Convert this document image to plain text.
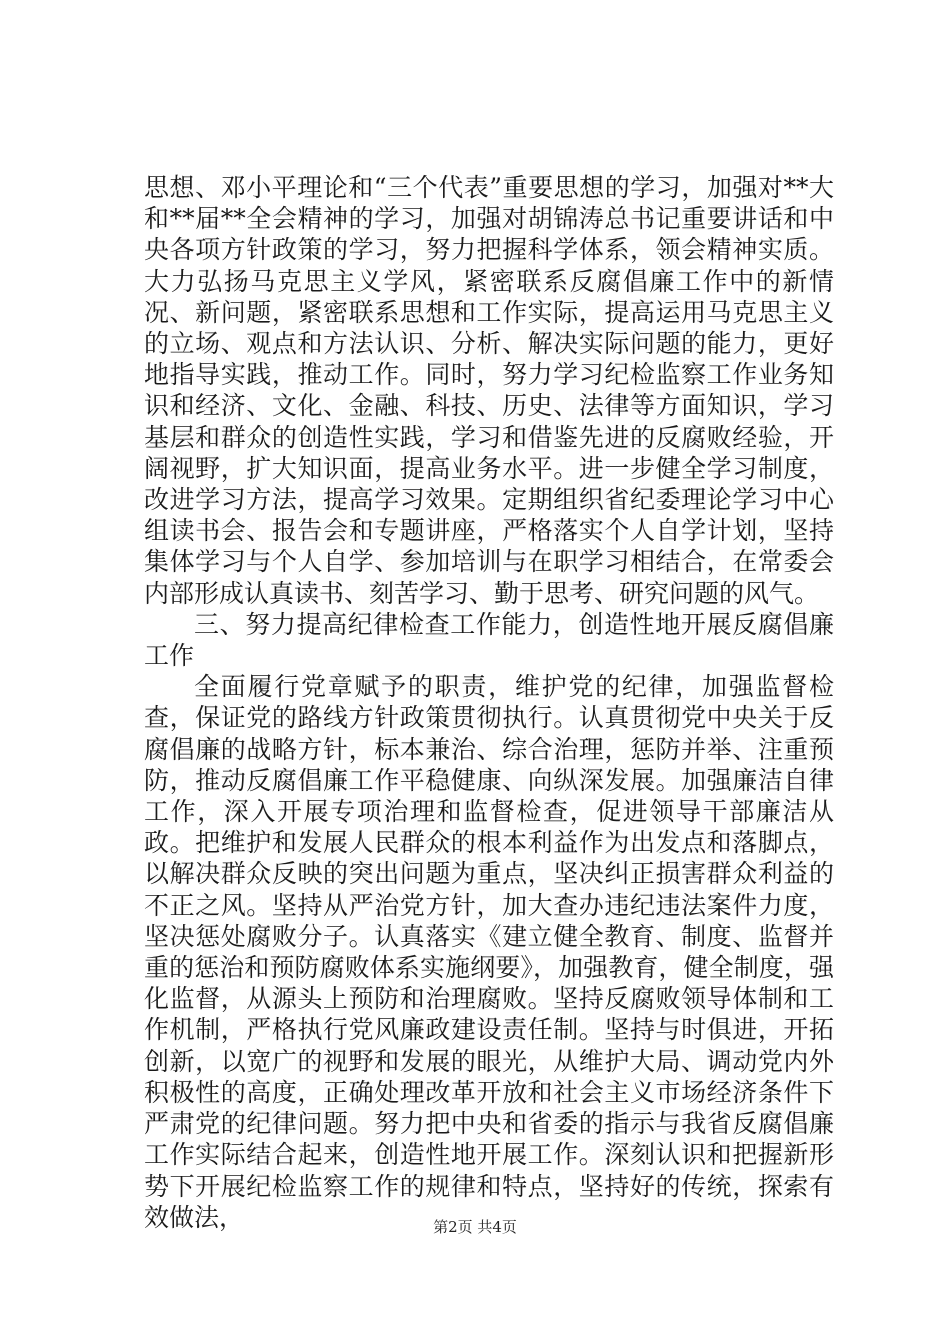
思想、邓小平理论和“三个代表”重要思想的学习，加强对**大和**届**全会精神的学习，加强对胡锦涛总书记重要讲话和中央各项方针政策的学习，努力把握科学体系，领会精神实质。大力弘扬马克思主义学风，紧密联系反腐倡廉工作中的新情况、新问题，紧密联系思想和工作实际，提高运用马克思主义的立场、观点和方法认识、分析、解决实际问题的能力，更好地指导实践，推动工作。同时，努力学习纪检监察工作业务知识和经济、文化、金融、科技、历史、法律等方面知识，学习基层和群众的创造性实践，学习和借鉴先进的反腐败经验，开阔视野，扩大知识面，提高业务水平。进一步健全学习制度，改进学习方法，提高学习效果。定期组织省纪委理论学习中心组读书会、报告会和专题讲座，严格落实个人自学计划，坚持集体学习与个人自学、参加培训与在职学习相结合，在常委会内部形成认真读书、刻苦学习、勤于思考、研究问题的风气。

三、努力提高纪律检查工作能力，创造性地开展反腐倡廉工作

全面履行党章赋予的职责，维护党的纪律，加强监督检查，保证党的路线方针政策贯彻执行。认真贯彻党中央关于反腐倡廉的战略方针，标本兼治、综合治理，惩防并举、注重预防，推动反腐倡廉工作平稳健康、向纵深发展。加强廉洁自律工作，深入开展专项治理和监督检查，促进领导干部廉洁从政。把维护和发展人民群众的根本利益作为出发点和落脚点，以解决群众反映的突出问题为重点，坚决纠正损害群众利益的不正之风。坚持从严治党方针，加大查办违纪违法案件力度，坚决惩处腐败分子。认真落实《建立健全教育、制度、监督并重的惩治和预防腐败体系实施纲要》，加强教育，健全制度，强化监督，从源头上预防和治理腐败。坚持反腐败领导体制和工作机制，严格执行党风廉政建设责任制。坚持与时俱进，开拓创新，以宽广的视野和发展的眼光，从维护大局、调动党内外积极性的高度，正确处理改革开放和社会主义市场经济条件下严肃党的纪律问题。努力把中央和省委的指示与我省反腐倡廉工作实际结合起来，创造性地开展工作。深刻认识和把握新形势下开展纪检监察工作的规律和特点，坚持好的传统，探索有效做法，	第2页 共4页
